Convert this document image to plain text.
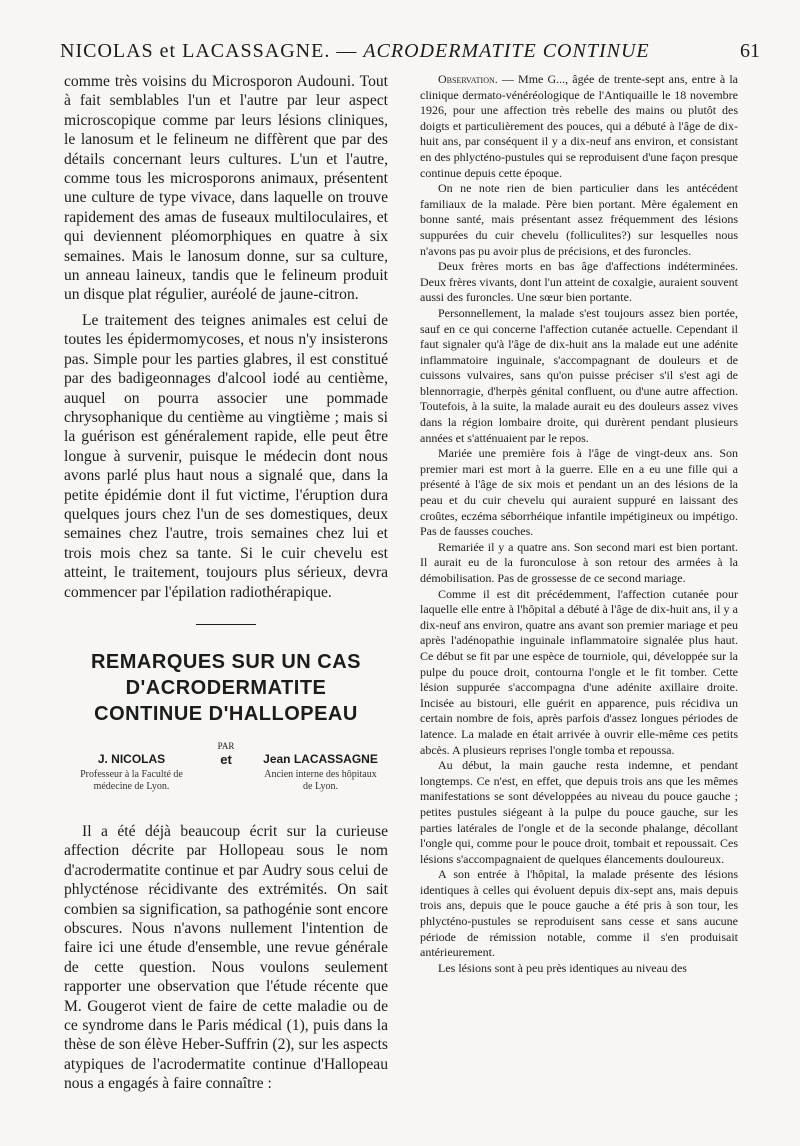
NICOLAS et LACASSAGNE. — ACRODERMATITE CONTINUE	61

comme très voisins du Microsporon Audouni. Tout à fait semblables l'un et l'autre par leur aspect microscopique comme par leurs lésions cliniques, le lanosum et le felineum ne diffèrent que par des détails concernant leurs cultures. L'un et l'autre, comme tous les microsporons animaux, présentent une culture de type vivace, dans laquelle on trouve rapidement des amas de fuseaux multiloculaires, et qui deviennent pléomorphiques en quatre à six semaines. Mais le lanosum donne, sur sa culture, un anneau laineux, tandis que le felineum produit un disque plat régulier, auréolé de jaune-citron.

Le traitement des teignes animales est celui de toutes les épidermomycoses, et nous n'y insisterons pas. Simple pour les parties glabres, il est constitué par des badigeonnages d'alcool iodé au centième, auquel on pourra associer une pommade chrysophanique du centième au vingtième ; mais si la guérison est généralement rapide, elle peut être longue à survenir, puisque le médecin dont nous avons parlé plus haut nous a signalé que, dans la petite épidémie dont il fut victime, l'éruption dura quelques jours chez l'un de ses domestiques, deux semaines chez l'autre, trois semaines chez lui et trois mois chez sa tante. Si le cuir chevelu est atteint, le traitement, toujours plus sérieux, devra commencer par l'épilation radiothérapique.

REMARQUES SUR UN CAS
D'ACRODERMATITE
CONTINUE D'HALLOPEAU
PAR
J. NICOLAS
Professeur à la Faculté de
médecine de Lyon.
et	Jean LACASSAGNE
Ancien interne des hôpitaux
de Lyon.

Il a été déjà beaucoup écrit sur la curieuse affection décrite par Hollopeau sous le nom d'acrodermatite continue et par Audry sous celui de phlycténose récidivante des extrémités. On sait combien sa signification, sa pathogénie sont encore obscures. Nous n'avons nullement l'intention de faire ici une étude d'ensemble, une revue générale de cette question. Nous voulons seulement rapporter une observation que l'étude récente que M. Gougerot vient de faire de cette maladie ou de ce syndrome dans le Paris médical (1), puis dans la thèse de son élève Heber-Suffrin (2), sur les aspects atypiques de l'acrodermatite continue d'Hallopeau nous a engagés à faire connaître :

Observation. — Mme G..., âgée de trente-sept ans, entre à la clinique dermato-vénéréologique de l'Antiquaille le 18 novembre 1926, pour une affection très rebelle des mains ou plutôt des doigts et particulièrement des pouces, qui a débuté à l'âge de dix-huit ans, par conséquent il y a dix-neuf ans environ, et consistant en des phlycténo-pustules qui se reproduisent d'une façon presque continue depuis cette époque.

On ne note rien de bien particulier dans les antécédent familiaux de la malade. Père bien portant. Mère également en bonne santé, mais présentant assez fréquemment des lésions suppurées du cuir chevelu (folliculites?) sur lesquelles nous n'avons pas pu avoir plus de précisions, et des furoncles.

Deux frères morts en bas âge d'affections indéterminées. Deux frères vivants, dont l'un atteint de coxalgie, auraient souvent aussi des furoncles. Une sœur bien portante.

Personnellement, la malade s'est toujours assez bien portée, sauf en ce qui concerne l'affection cutanée actuelle. Cependant il faut signaler qu'à l'âge de dix-huit ans la malade eut une adénite inflammatoire inguinale, s'accompagnant de douleurs et de cuissons vulvaires, sans qu'on puisse préciser s'il s'est agi de blennorragie, d'herpès génital confluent, ou d'une autre affection. Toutefois, à la suite, la malade aurait eu des douleurs assez vives dans la région lombaire droite, qui durèrent pendant plusieurs années et s'atténuaient par le repos.

Mariée une première fois à l'âge de vingt-deux ans. Son premier mari est mort à la guerre. Elle en a eu une fille qui a présenté à l'âge de six mois et pendant un an des lésions de la peau et du cuir chevelu qui auraient suppuré en laissant des croûtes, eczéma séborrhéique infantile impétigineux ou impétigo. Pas de fausses couches.

Remariée il y a quatre ans. Son second mari est bien portant. Il aurait eu de la furonculose à son retour des armées à la démobilisation. Pas de grossesse de ce second mariage.

Comme il est dit précédemment, l'affection cutanée pour laquelle elle entre à l'hôpital a débuté à l'âge de dix-huit ans, il y a dix-neuf ans environ, quatre ans avant son premier mariage et peu après l'adénopathie inguinale inflammatoire signalée plus haut. Ce début se fit par une espèce de tourniole, qui, développée sur la pulpe du pouce droit, contourna l'ongle et le fit tomber. Cette lésion suppurée s'accompagna d'une adénite axillaire droite. Incisée au bistouri, elle guérit en apparence, puis récidiva un certain nombre de fois, après parfois d'assez longues périodes de latence. La malade en était arrivée à ouvrir elle-même ces petits abcès. A plusieurs reprises l'ongle tomba et repoussa.

Au début, la main gauche resta indemne, et pendant longtemps. Ce n'est, en effet, que depuis trois ans que les mêmes manifestations se sont développées au niveau du pouce gauche ; petites pustules siégeant à la pulpe du pouce gauche, sur les parties latérales de l'ongle et de la seconde phalange, décollant l'ongle qui, comme pour le pouce droit, tombait et repoussait. Ces lésions s'accompagnaient de quelques élancements douloureux.

A son entrée à l'hôpital, la malade présente des lésions identiques à celles qui évoluent depuis dix-sept ans, mais depuis trois ans, depuis que le pouce gauche a été pris à son tour, les phlycténo-pustules se reproduisent sans cesse et sans aucune période de rémission notable, comme il s'en produisait antérieurement.

Les lésions sont à peu près identiques au niveau des
